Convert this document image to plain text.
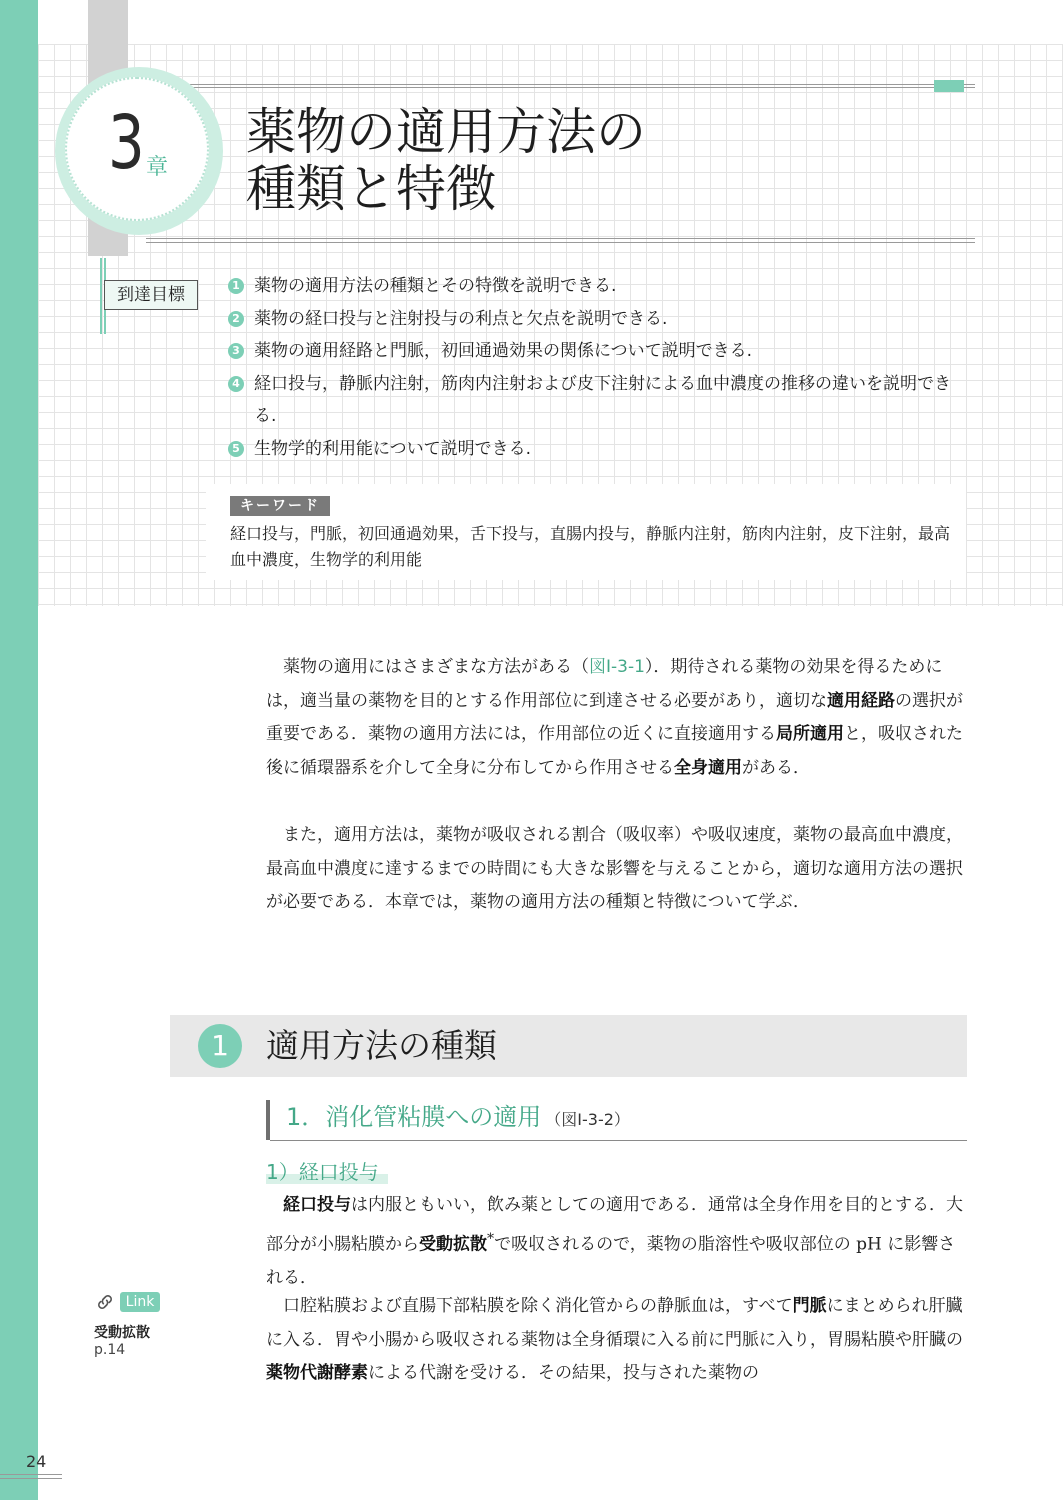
3 章
薬物の適用方法の
種類と特徴
到達目標	1 薬物の適用方法の種類とその特徴を説明できる.
2 薬物の経口投与と注射投与の利点と欠点を説明できる.
3 薬物の適用経路と門脈，初回通過効果の関係について説明できる.
4 経口投与，静脈内注射，筋肉内注射および皮下注射による血中濃度の推移の違いを説明できる.
5 生物学的利用能について説明できる.
キーワード

経口投与，門脈，初回通過効果，舌下投与，直腸内投与，静脈内注射，筋肉内注射，皮下注射，最高血中濃度，生物学的利用能

薬物の適用にはさまざまな方法がある（図Ⅰ-3-1）．期待される薬物の効果を得るためには，適当量の薬物を目的とする作用部位に到達させる必要があり，適切な適用経路の選択が重要である．薬物の適用方法には，作用部位の近くに直接適用する局所適用と，吸収された後に循環器系を介して全身に分布してから作用させる全身適用がある．

また，適用方法は，薬物が吸収される割合（吸収率）や吸収速度，薬物の最高血中濃度，最高血中濃度に達するまでの時間にも大きな影響を与えることから，適切な適用方法の選択が必要である．本章では，薬物の適用方法の種類と特徴について学ぶ．

1	適用方法の種類
1．消化管粘膜への適用 （図Ⅰ-3-2）
1）経口投与

経口投与は内服ともいい，飲み薬としての適用である．通常は全身作用を目的とする．大部分が小腸粘膜から受動拡散*で吸収されるので，薬物の脂溶性や吸収部位の pH に影響される．

口腔粘膜および直腸下部粘膜を除く消化管からの静脈血は，すべて門脈にまとめられ肝臓に入る．胃や小腸から吸収される薬物は全身循環に入る前に門脈に入り，胃腸粘膜や肝臓の薬物代謝酵素による代謝を受ける．その結果，投与された薬物の

Link
受動拡散
p.14
24
